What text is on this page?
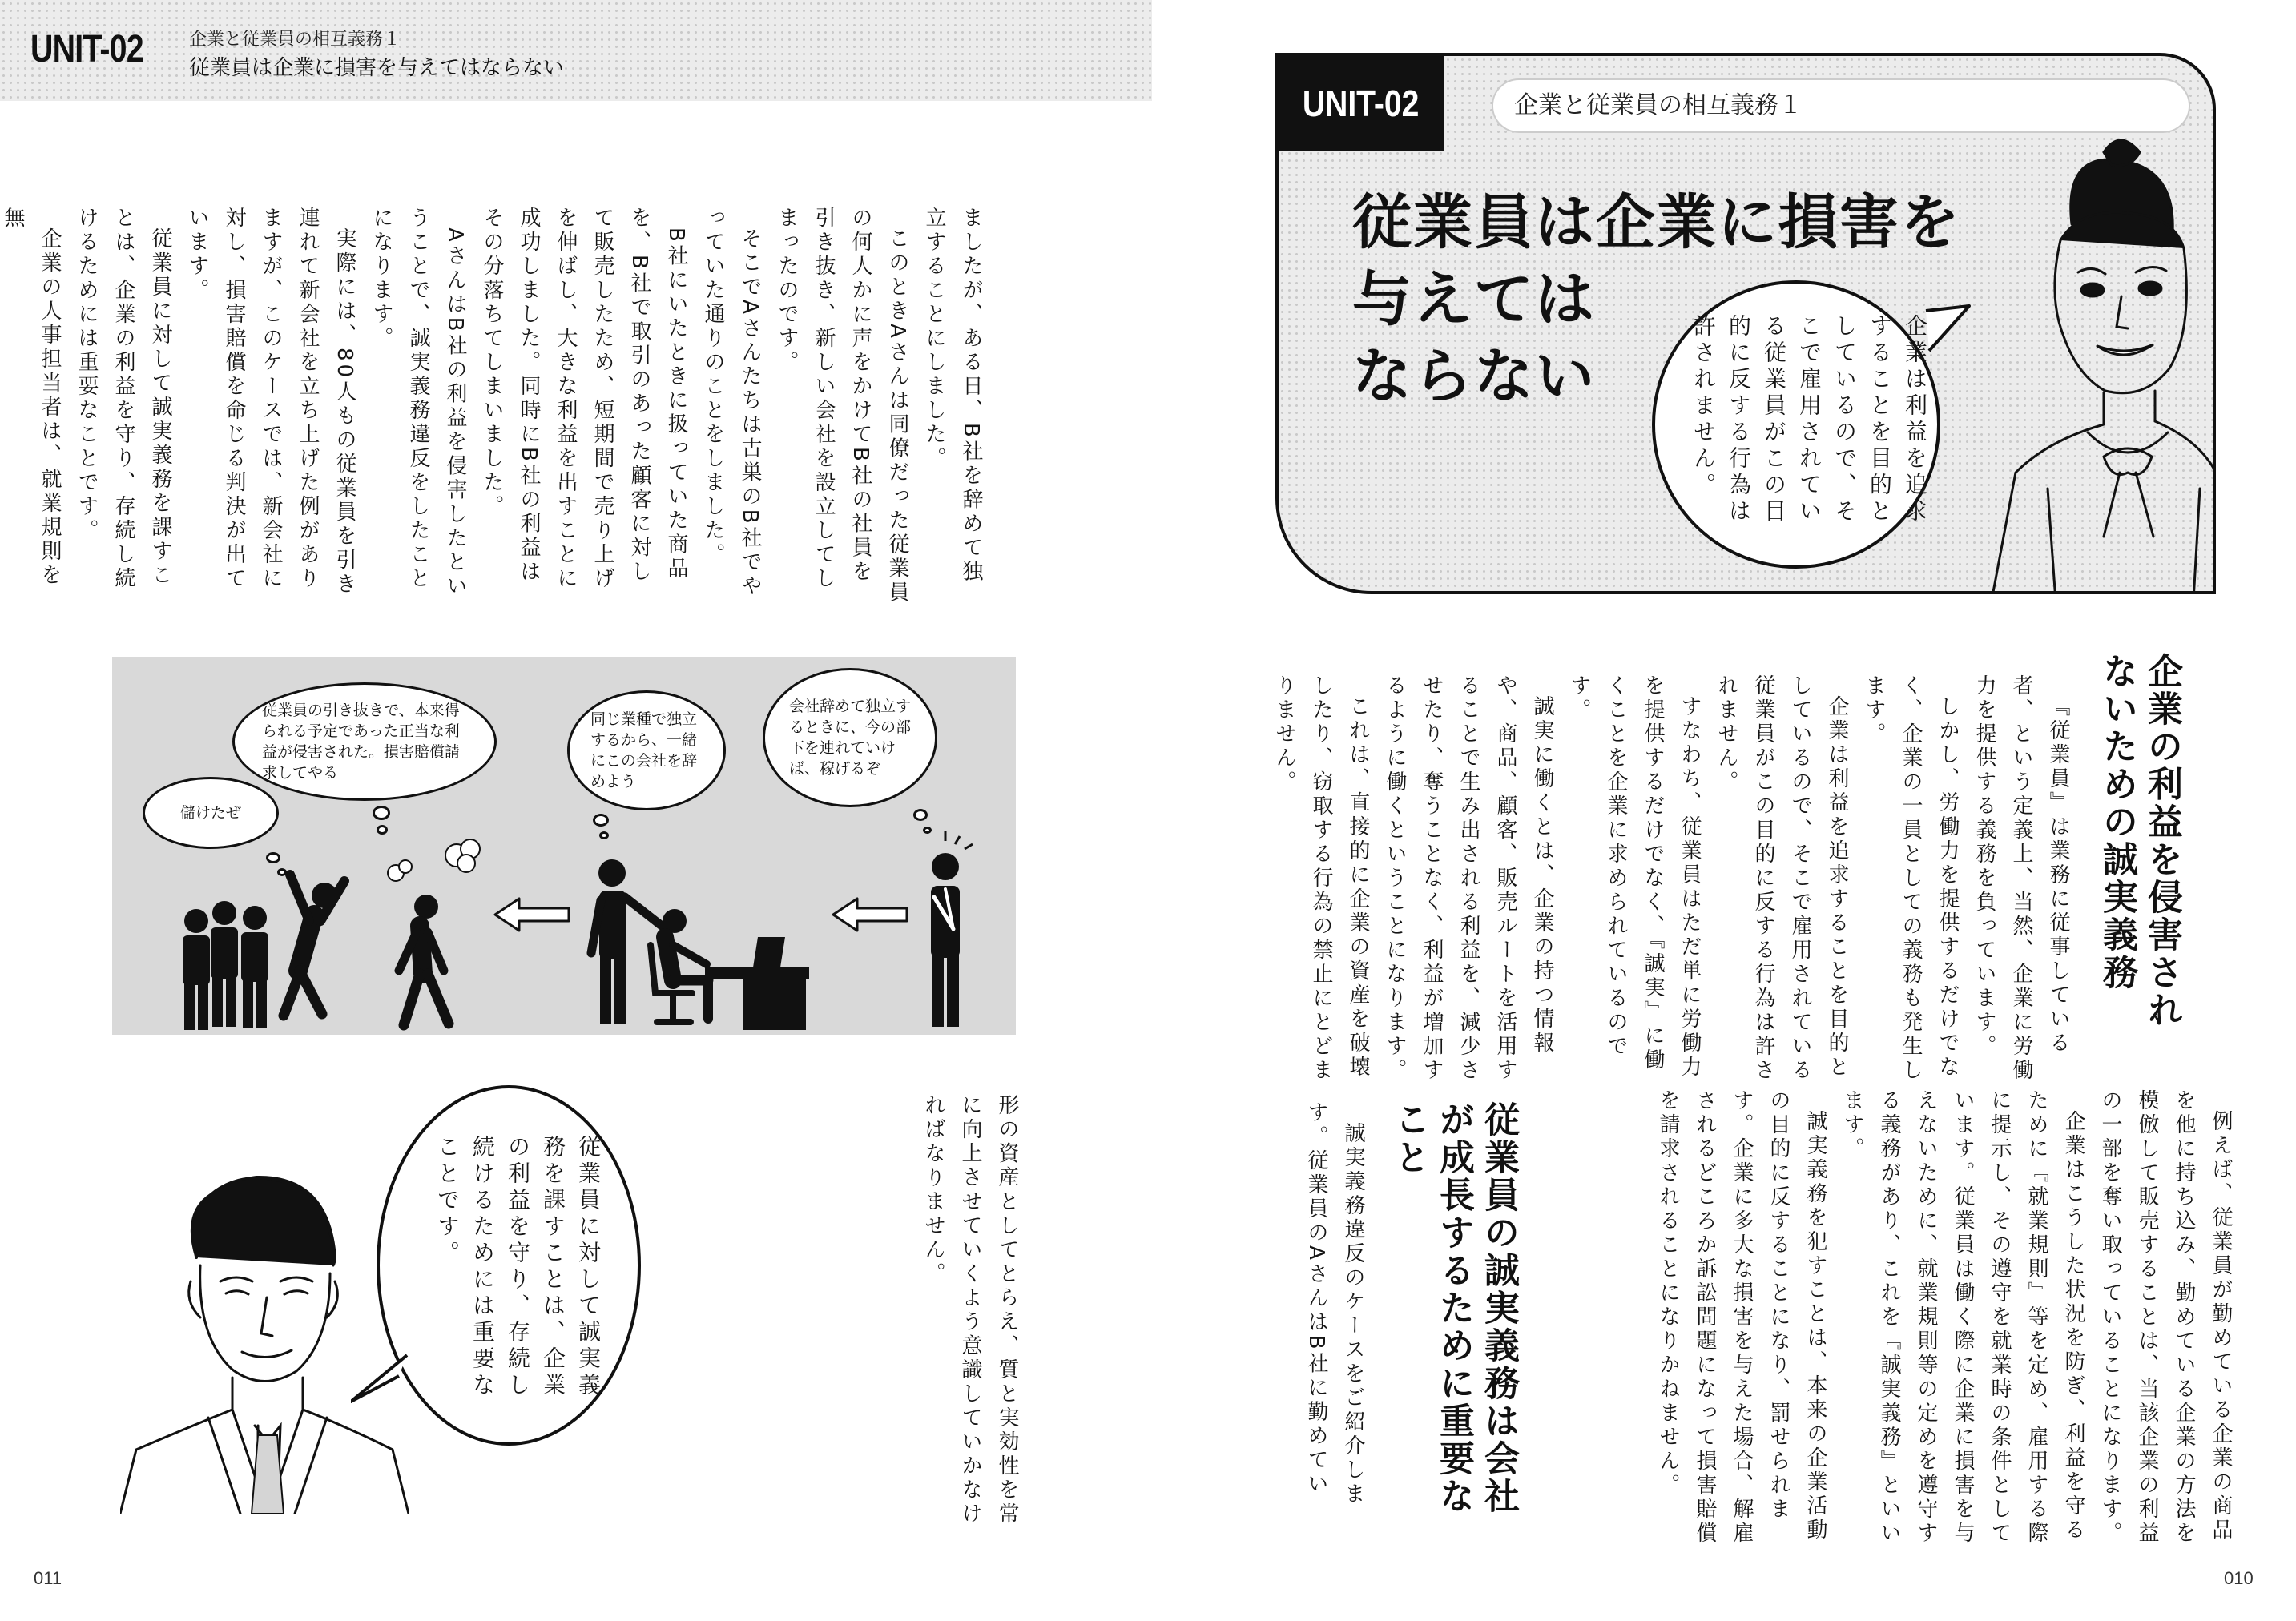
UNIT-02	企業と従業員の相互義務１
従業員は企業に損害を与えてはならない

ましたが、ある日、B社を辞めて独立することにしました。

このときAさんは同僚だった従業員の何人かに声をかけてB社の社員を引き抜き、新しい会社を設立してしまったのです。

そこでAさんたちは古巣のB社でやっていた通りのことをしました。

B社にいたときに扱っていた商品を、B社で取引のあった顧客に対して販売したため、短期間で売り上げを伸ばし、大きな利益を出すことに成功しました。同時にB社の利益はその分落ちてしまいました。

AさんはB社の利益を侵害したということで、誠実義務違反をしたことになります。

実際には、80人もの従業員を引き連れて新会社を立ち上げた例がありますが、このケースでは、新会社に対し、損害賠償を命じる判決が出ています。

従業員に対して誠実義務を課すことは、企業の利益を守り、存続し続けるためには重要なことです。

企業の人事担当者は、就業規則を無

儲けたぜ
従業員の引き抜きで、本来得られる予定であった正当な利益が侵害された。損害賠償請求してやる
同じ業種で独立するから、一緒にこの会社を辞めよう
会社辞めて独立するときに、今の部下を連れていけば、稼げるぞ
従業員に対して誠実義務を課すことは、企業の利益を守り、存続し続けるためには重要なことです。	形の資産としてとらえ、質と実効性を常に向上させていくよう意識していかなければなりません。

011
UNIT-02	企業と従業員の相互義務１
従業員は企業に損害を
与えては
ならない	企業は利益を追求することを目的としているので、そこで雇用されている従業員がこの目的に反する行為は許されません。
企業の利益を侵害されないための誠実義務

『従業員』は業務に従事している者、という定義上、当然、企業に労働力を提供する義務を負っています。

しかし、労働力を提供するだけでなく、企業の一員としての義務も発生します。

企業は利益を追求することを目的としているので、そこで雇用されている従業員がこの目的に反する行為は許されません。

すなわち、従業員はただ単に労働力を提供するだけでなく、『誠実』に働くことを企業に求められているのです。

誠実に働くとは、企業の持つ情報や、商品、顧客、販売ルートを活用することで生み出される利益を、減少させたり、奪うことなく、利益が増加するように働くということになります。

これは、直接的に企業の資産を破壊したり、窃取する行為の禁止にとどまりません。

例えば、従業員が勤めている企業の商品を他に持ち込み、勤めている企業の方法を模倣して販売することは、当該企業の利益の一部を奪い取っていることになります。

企業はこうした状況を防ぎ、利益を守るために『就業規則』等を定め、雇用する際に提示し、その遵守を就業時の条件としています。従業員は働く際に企業に損害を与えないために、就業規則等の定めを遵守する義務があり、これを『誠実義務』といいます。

誠実義務を犯すことは、本来の企業活動の目的に反することになり、罰せられます。企業に多大な損害を与えた場合、解雇されるどころか訴訟問題になって損害賠償を請求されることになりかねません。

従業員の誠実義務は会社が成長するために重要なこと

誠実義務違反のケースをご紹介します。従業員のAさんはB社に勤めてい

010
